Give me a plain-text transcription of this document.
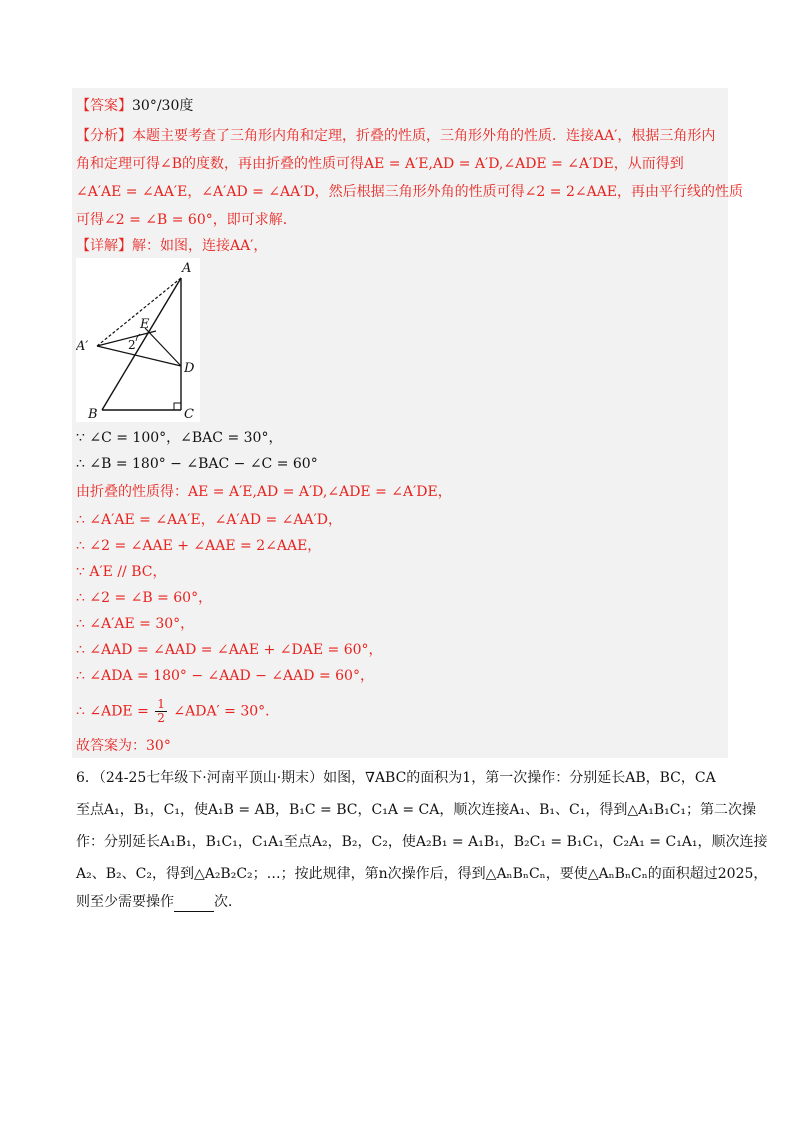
【答案】30°/30度
【分析】本题主要考查了三角形内角和定理，折叠的性质，三角形外角的性质．连接AA′，根据三角形内
角和定理可得∠B的度数，再由折叠的性质可得AE = A′E,AD = A′D,∠ADE = ∠A′DE，从而得到
∠A′AE = ∠AA′E，∠A′AD = ∠AA′D，然后根据三角形外角的性质可得∠2 = 2∠AAE，再由平行线的性质
可得∠2 = ∠B = 60°，即可求解．
【详解】解：如图，连接AA′，
A
A′
E
D
B	C
2
∵ ∠C = 100°，∠BAC = 30°，
∴ ∠B = 180° − ∠BAC − ∠C = 60°
由折叠的性质得：AE = A′E,AD = A′D,∠ADE = ∠A′DE，
∴ ∠A′AE = ∠AA′E，∠A′AD = ∠AA′D，
∴ ∠2 = ∠AAE + ∠AAE = 2∠AAE，
∵ A′E // BC，
∴ ∠2 = ∠B = 60°，
∴ ∠A′AE = 30°，
∴ ∠AAD = ∠AAD = ∠AAE + ∠DAE = 60°，
∴ ∠ADA = 180° − ∠AAD − ∠AAD = 60°，
∴ ∠ADE = $\frac{1}{2}$ ∠ADA′ = 30°．
故答案为：30°
6．（24-25七年级下·河南平顶山·期末）如图，∇ABC的面积为1，第一次操作：分别延长AB，BC，CA
至点A₁，B₁，C₁，使A₁B = AB，B₁C = BC，C₁A = CA，顺次连接A₁、B₁、C₁，得到△A₁B₁C₁；第二次操
作：分别延长A₁B₁，B₁C₁，C₁A₁至点A₂，B₂，C₂，使A₂B₁ = A₁B₁，B₂C₁ = B₁C₁，C₂A₁ = C₁A₁，顺次连接
A₂、B₂、C₂，得到△A₂B₂C₂；…；按此规律，第n次操作后，得到△AₙBₙCₙ，要使△AₙBₙCₙ的面积超过2025，
则至少需要操作	次．
